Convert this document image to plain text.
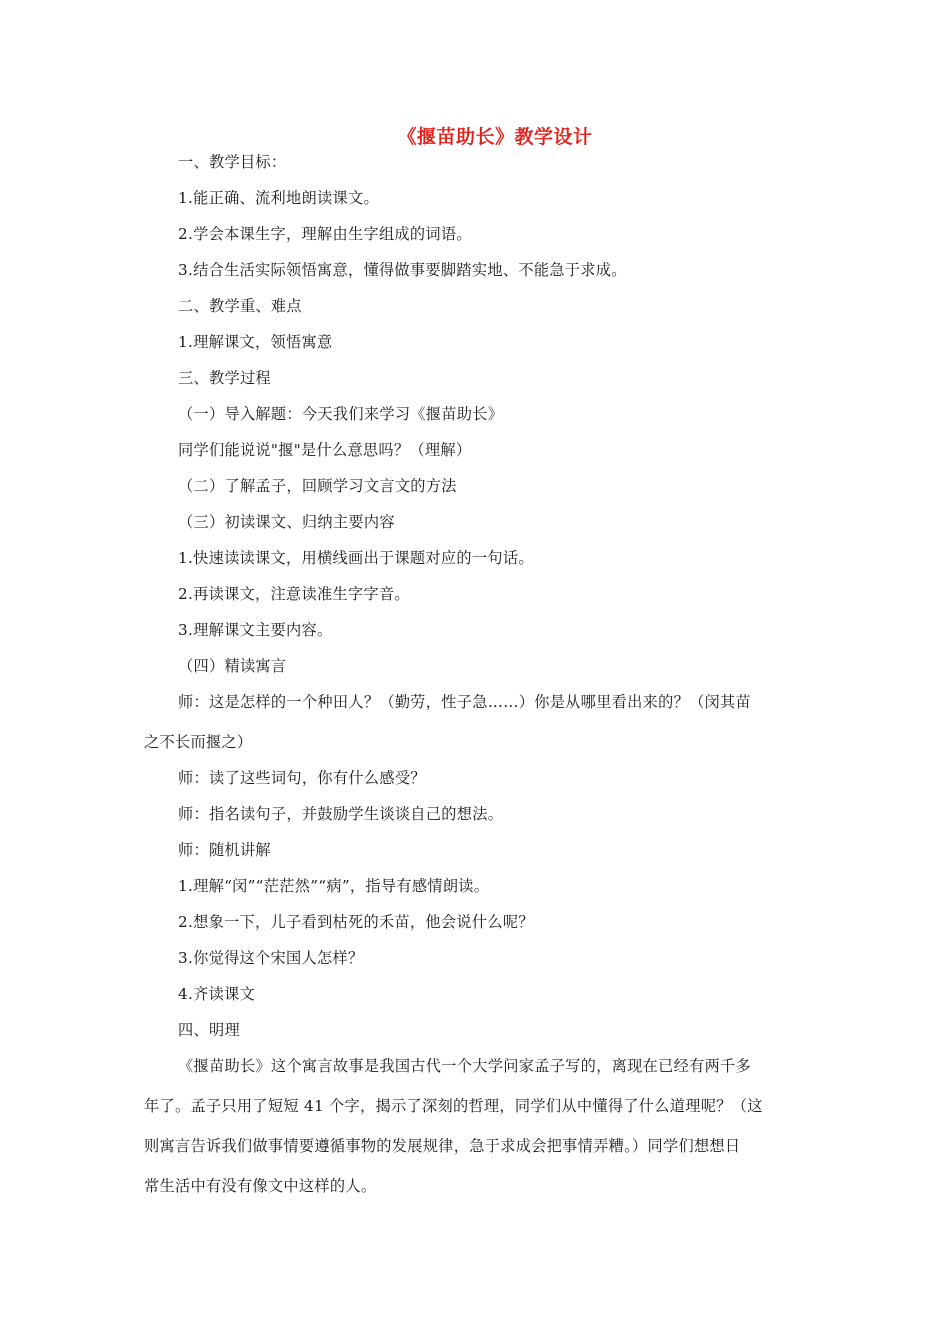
《揠苗助长》教学设计
一、教学目标：
1.能正确、流利地朗读课文。
2.学会本课生字，理解由生字组成的词语。
3.结合生活实际领悟寓意，懂得做事要脚踏实地、不能急于求成。
二、教学重、难点
1.理解课文，领悟寓意
三、教学过程
（一）导入解题：今天我们来学习《揠苗助长》
同学们能说说"揠"是什么意思吗？（理解）
（二）了解孟子，回顾学习文言文的方法
（三）初读课文、归纳主要内容
1.快速读读课文，用横线画出于课题对应的一句话。
2.再读课文，注意读准生字字音。
3.理解课文主要内容。
（四）精读寓言
师：这是怎样的一个种田人？（勤劳，性子急……）你是从哪里看出来的？（闵其苗
之不长而揠之）
师：读了这些词句，你有什么感受？
师：指名读句子，并鼓励学生谈谈自己的想法。
师：随机讲解
1.理解“闵”“茫茫然”“病”，指导有感情朗读。
2.想象一下，儿子看到枯死的禾苗，他会说什么呢？
3.你觉得这个宋国人怎样？
4.齐读课文
四、明理
《揠苗助长》这个寓言故事是我国古代一个大学问家孟子写的，离现在已经有两千多
年了。孟子只用了短短 41 个字，揭示了深刻的哲理，同学们从中懂得了什么道理呢？（这
则寓言告诉我们做事情要遵循事物的发展规律，急于求成会把事情弄糟。）同学们想想日
常生活中有没有像文中这样的人。
